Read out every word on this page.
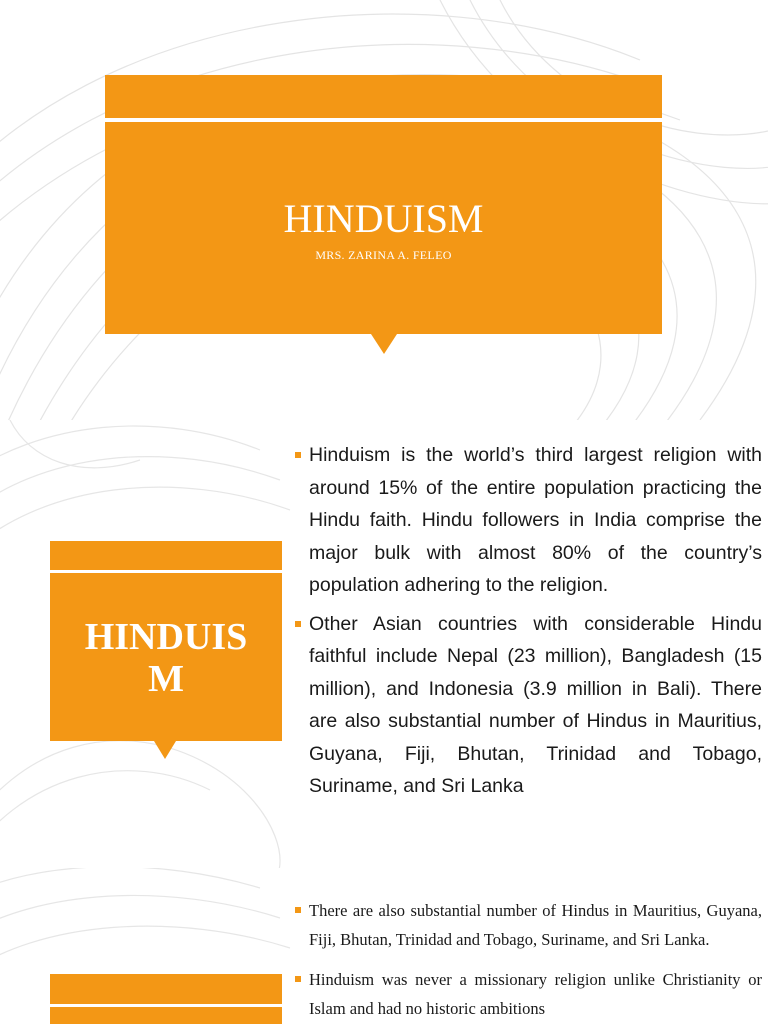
HINDUISM
MRS. ZARINA A. FELEO
HINDUIS
M
Hinduism is the world’s third largest religion with around 15% of the entire population practicing the Hindu faith. Hindu followers in India comprise the major bulk with almost 80% of the country’s population adhering to the religion.
Other Asian countries with considerable Hindu faithful include Nepal (23 million), Bangladesh (15 million), and Indonesia (3.9 million in Bali). There are also substantial number of Hindus in Mauritius, Guyana, Fiji, Bhutan, Trinidad and Tobago, Suriname, and Sri Lanka
There are also substantial number of Hindus in Mauritius, Guyana, Fiji, Bhutan, Trinidad and Tobago, Suriname, and Sri Lanka.
Hinduism was never a missionary religion unlike Christianity or Islam and had no historic ambitions
